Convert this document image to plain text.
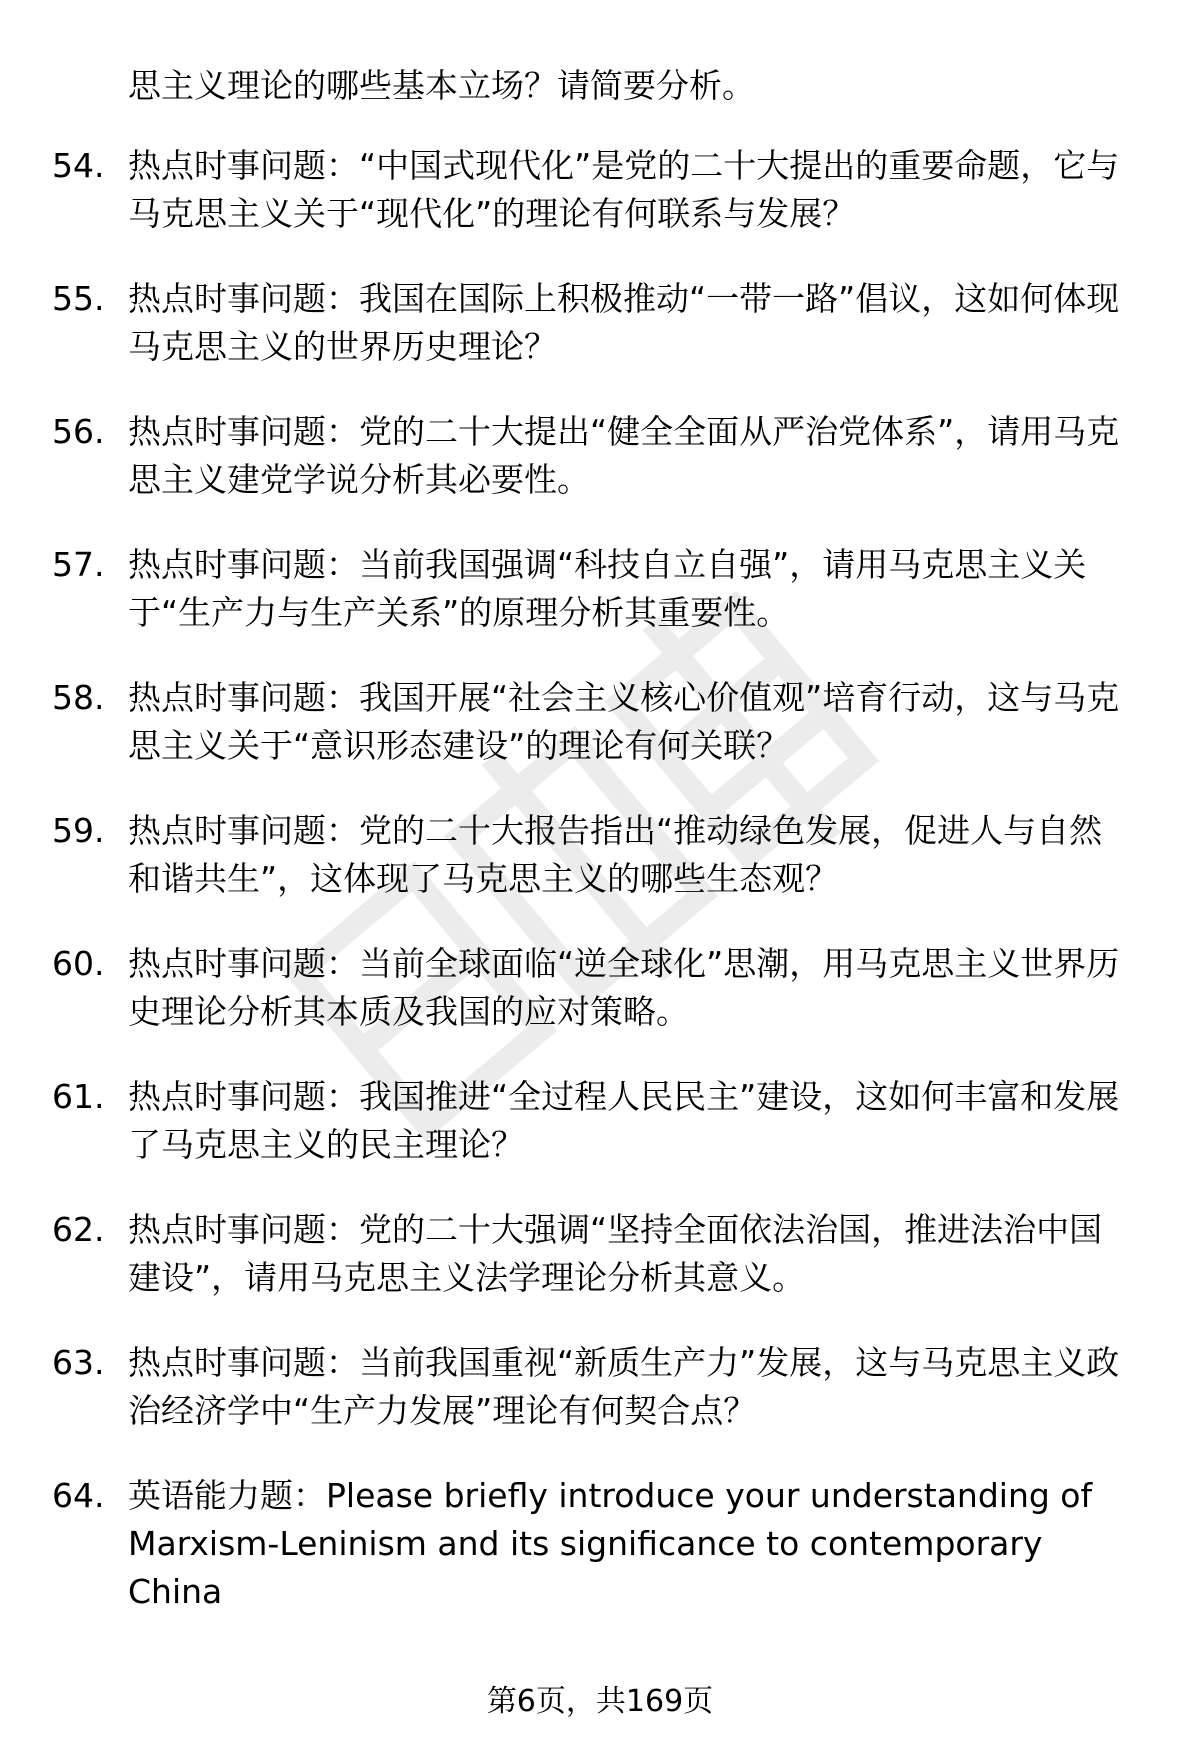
思主义理论的哪些基本立场？请简要分析。
54. 热点时事问题：“中国式现代化”是党的二十大提出的重要命题，它与马克思主义关于“现代化”的理论有何联系与发展？
55. 热点时事问题：我国在国际上积极推动“一带一路”倡议，这如何体现马克思主义的世界历史理论？
56. 热点时事问题：党的二十大提出“健全全面从严治党体系”，请用马克思主义建党学说分析其必要性。
57. 热点时事问题：当前我国强调“科技自立自强”，请用马克思主义关于“生产力与生产关系”的原理分析其重要性。
58. 热点时事问题：我国开展“社会主义核心价值观”培育行动，这与马克思主义关于“意识形态建设”的理论有何关联？
59. 热点时事问题：党的二十大报告指出“推动绿色发展，促进人与自然和谐共生”，这体现了马克思主义的哪些生态观？
60. 热点时事问题：当前全球面临“逆全球化”思潮，用马克思主义世界历史理论分析其本质及我国的应对策略。
61. 热点时事问题：我国推进“全过程人民民主”建设，这如何丰富和发展了马克思主义的民主理论？
62. 热点时事问题：党的二十大强调“坚持全面依法治国，推进法治中国建设”，请用马克思主义法学理论分析其意义。
63. 热点时事问题：当前我国重视“新质生产力”发展，这与马克思主义政治经济学中“生产力发展”理论有何契合点？
64. 英语能力题：Please briefly introduce your understanding of Marxism-Leninism and its significance to contemporary China
第6页，共169页
